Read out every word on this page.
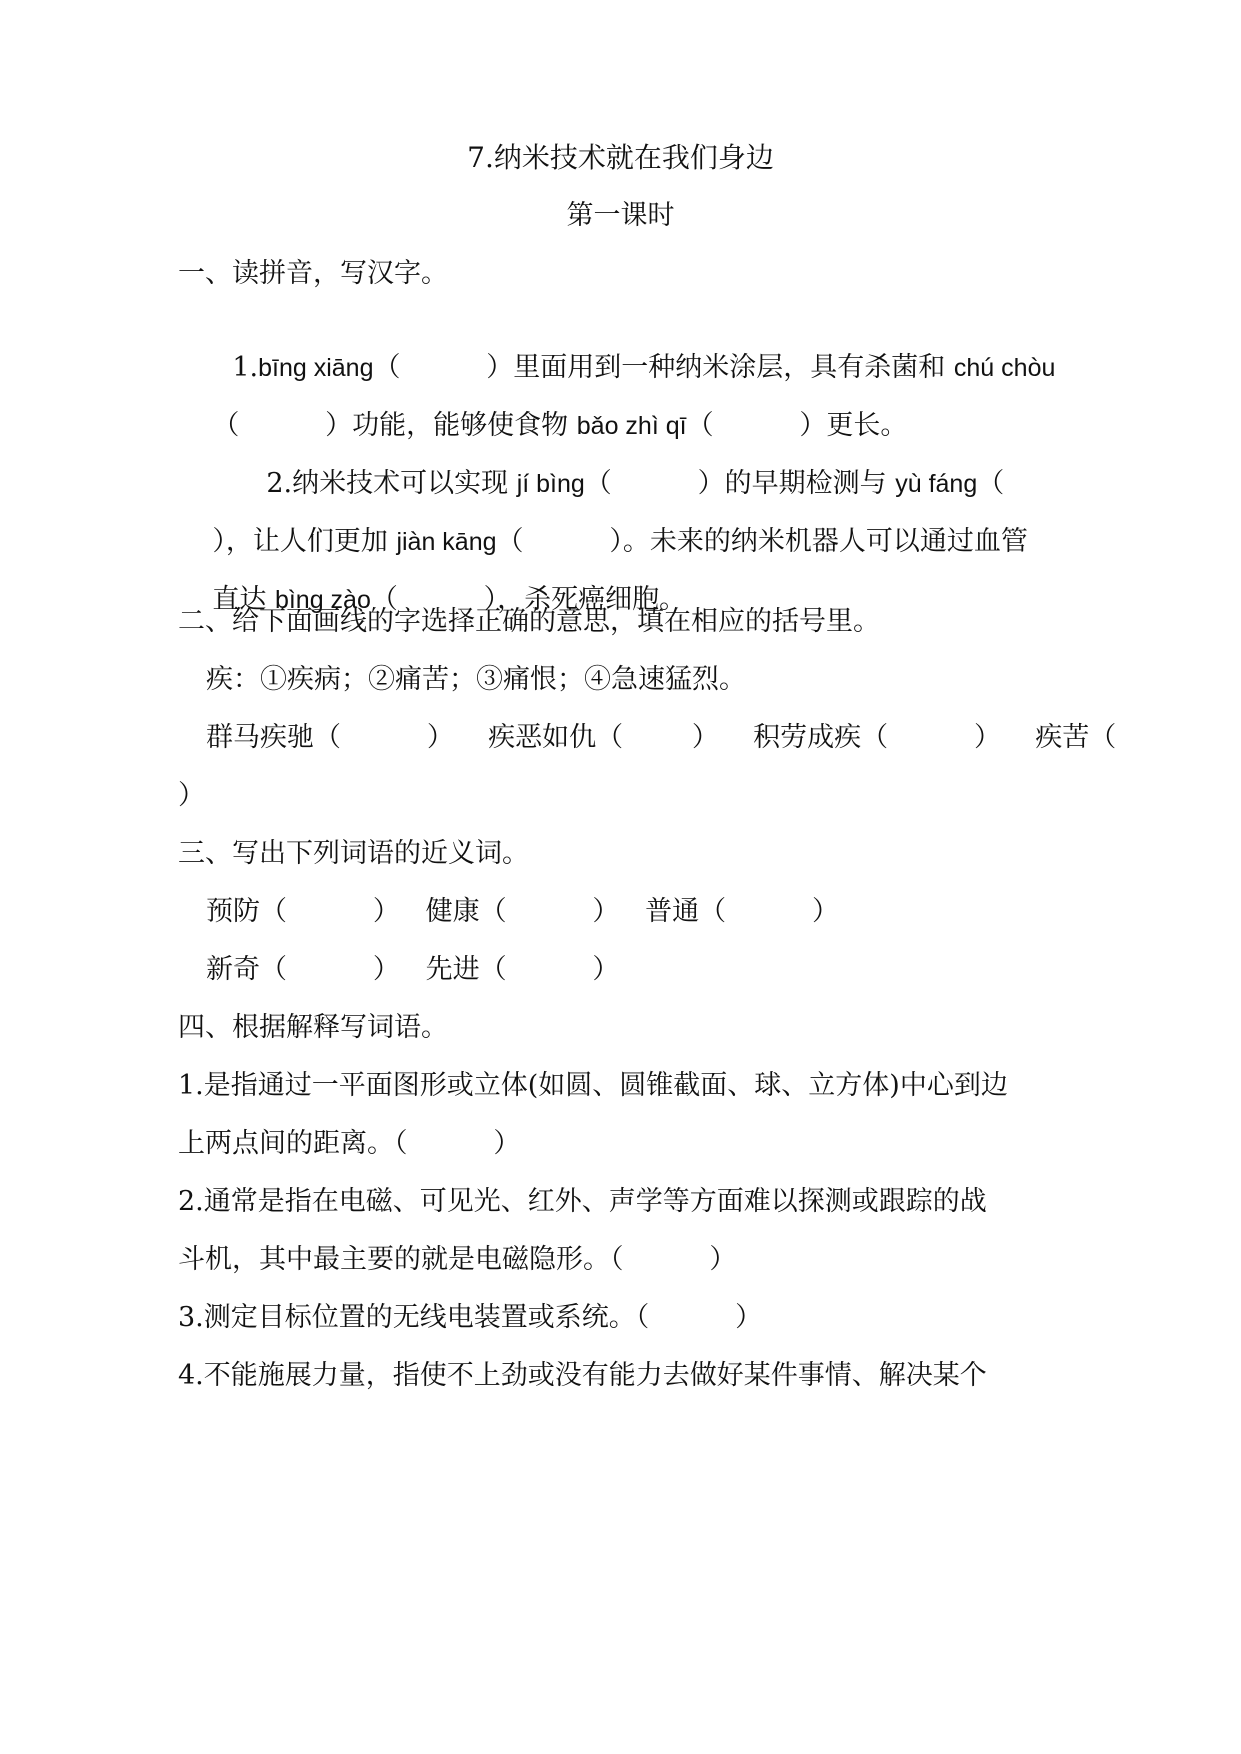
7.纳米技术就在我们身边
第一课时
一、读拼音，写汉字。

1.bīng xiāng（          ）里面用到一种纳米涂层，具有杀菌和 chú chòu

（          ）功能，能够使食物 bǎo zhì qī（          ）更长。

2.纳米技术可以实现 jí bìng（          ）的早期检测与 yù fáng（

），让人们更加 jiàn kāng（          ）。未来的纳米机器人可以通过血管

直达 bìng zào（          ），杀死癌细胞。

二、给下面画线的字选择正确的意思，填在相应的括号里。
疾：①疾病；②痛苦；③痛恨；④急速猛烈。
群马疾驰（          ）    疾恶如仇（        ）    积劳成疾（          ）    疾苦（
）
三、写出下列词语的近义词。
预防（          ）   健康（          ）   普通（          ）
新奇（          ）   先进（          ）
四、根据解释写词语。
1.是指通过一平面图形或立体(如圆、圆锥截面、球、立方体)中心到边
上两点间的距离。（          ）
2.通常是指在电磁、可见光、红外、声学等方面难以探测或跟踪的战
斗机，其中最主要的就是电磁隐形。（          ）
3.测定目标位置的无线电装置或系统。（          ）
4.不能施展力量，指使不上劲或没有能力去做好某件事情、解决某个
